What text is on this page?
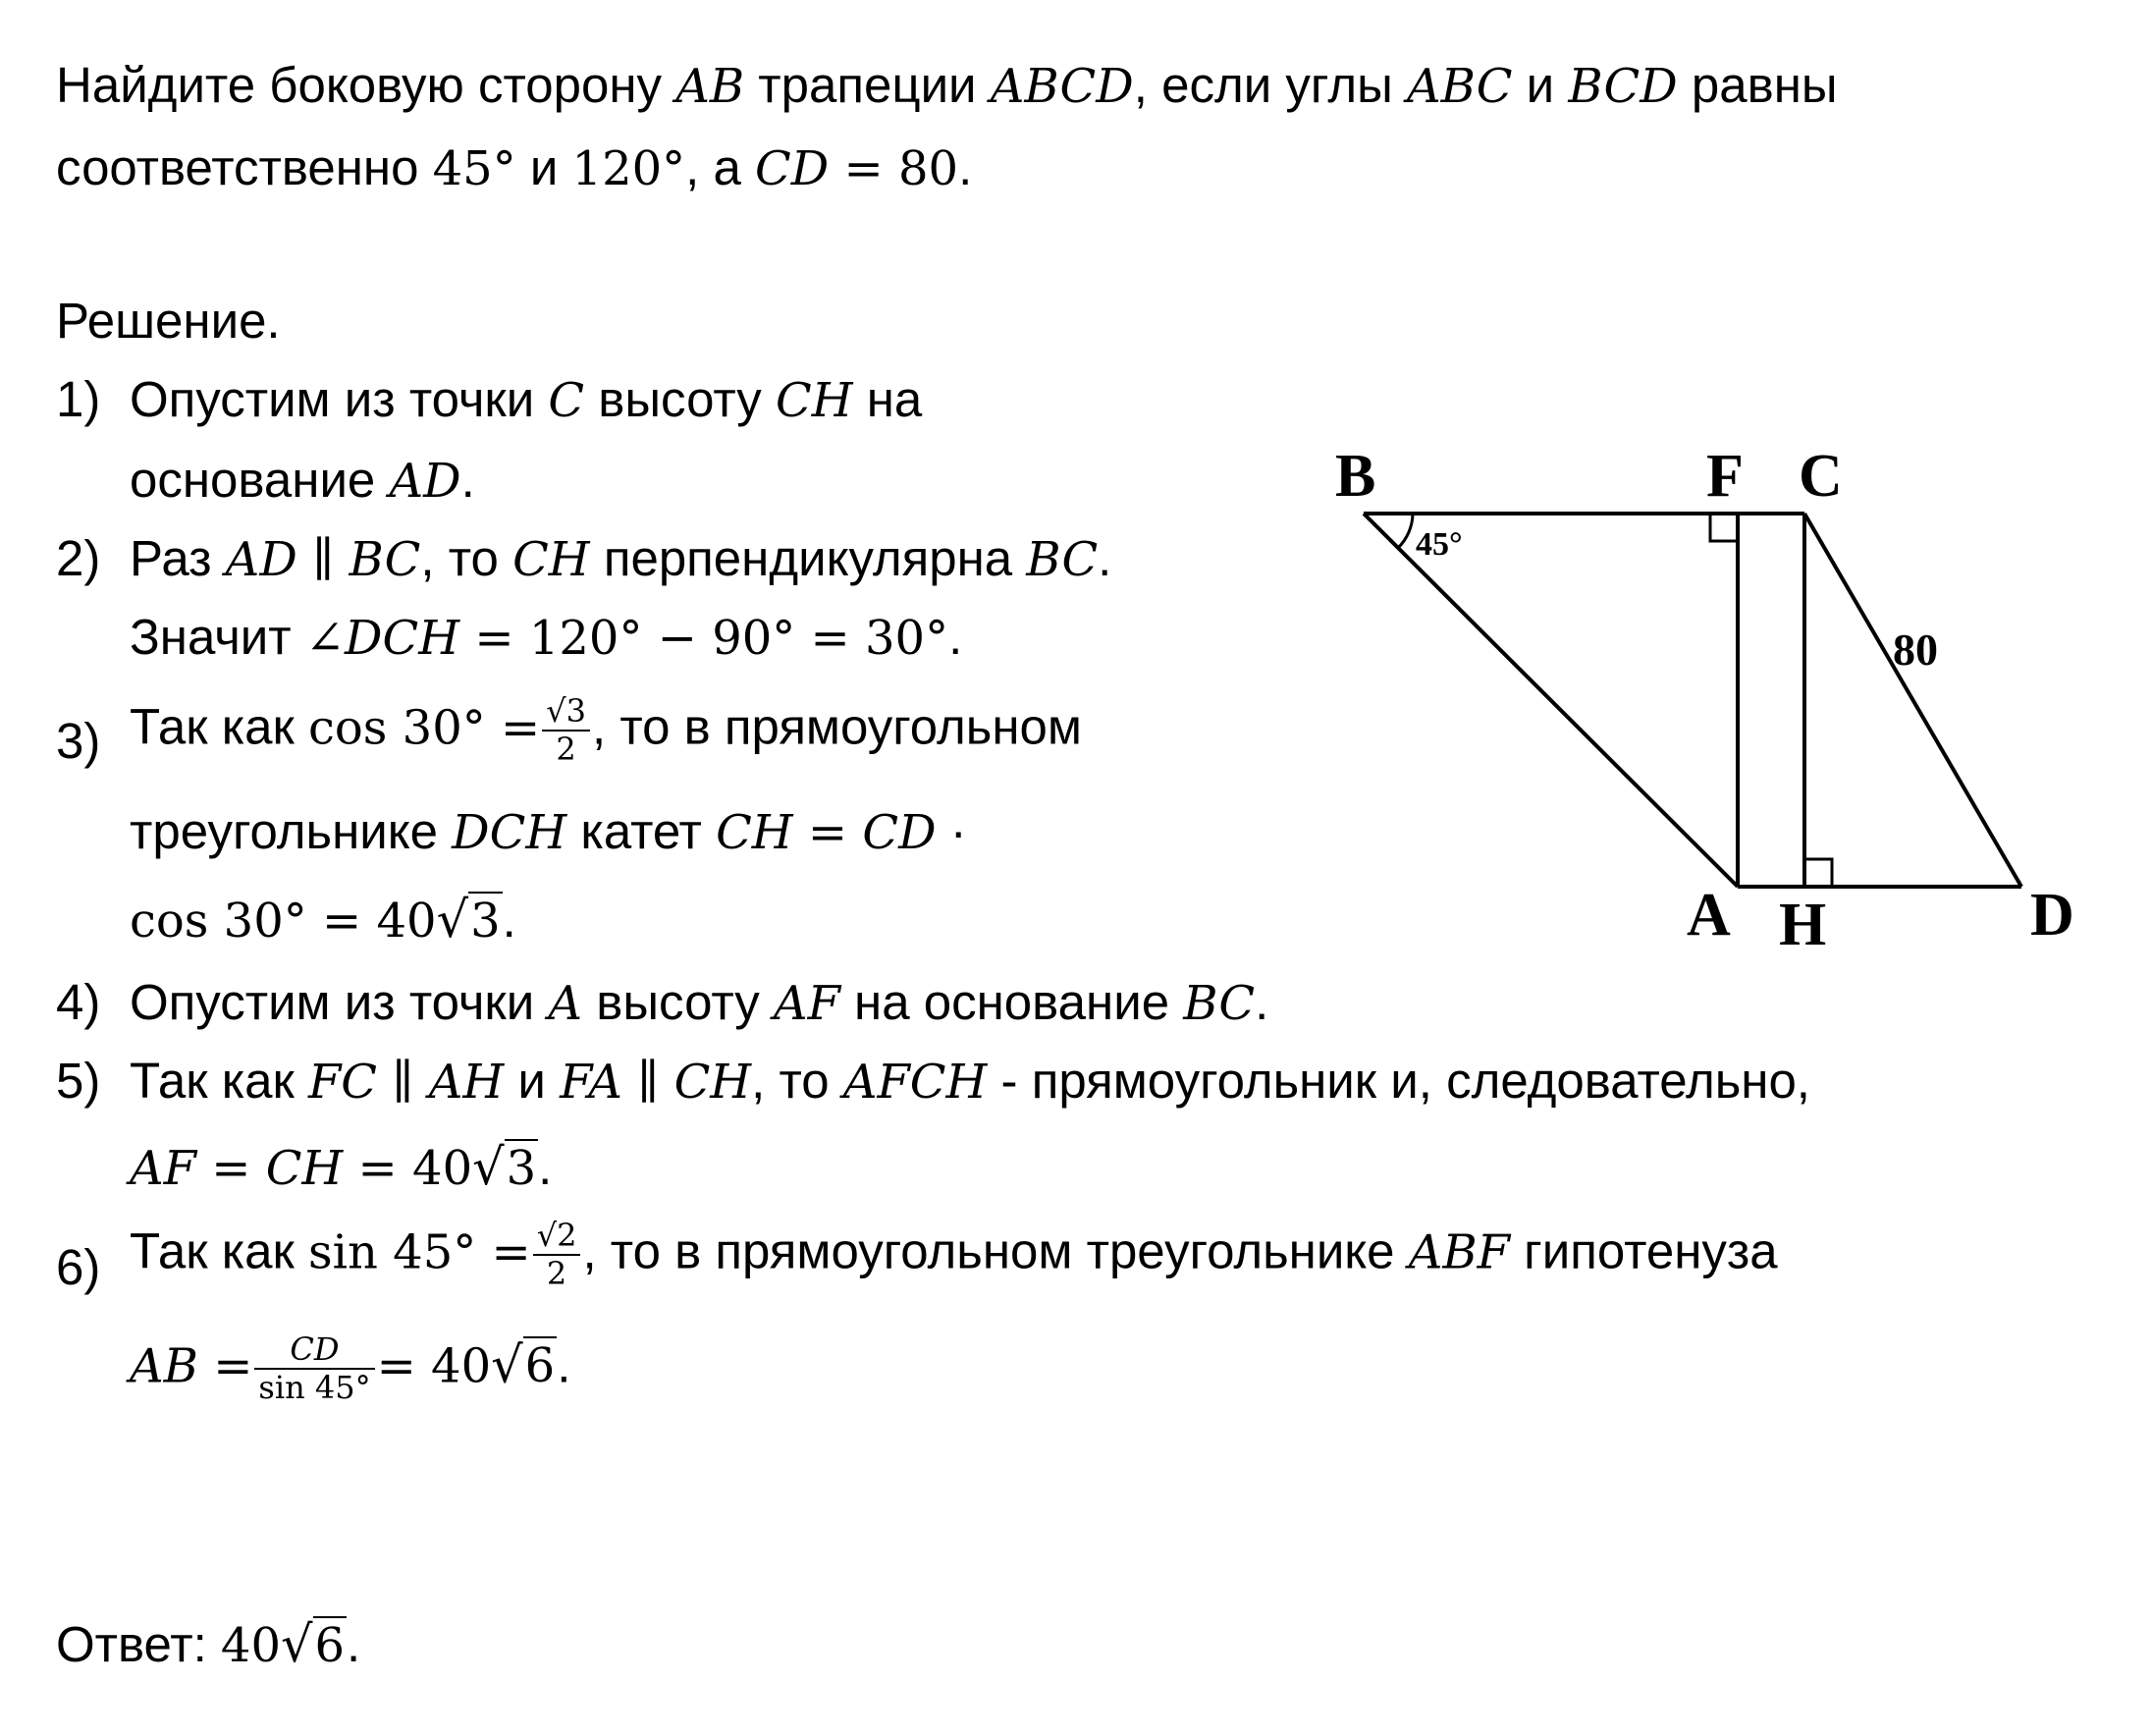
Найдите боковую сторону AB трапеции ABCD, если углы ABC и BCD равны
соответственно 45° и 120°, а CD = 80.
Решение.
1) Опустим из точки C высоту CH на
основание AD.
2) Раз AD ∥ BC, то CH перпендикулярна BC.
Значит ∠DCH = 120° − 90° = 30°.
3) Так как $\cos 30^\circ = \frac{√3}{2}$ , то в прямоугольном
треугольнике DCH катет CH = CD ·
cos 30° = 40√3.
4) Опустим из точки A высоту AF на основание BC.
5) Так как FC ∥ AH и FA ∥ CH, то AFCH - прямоугольник и, следовательно,
AF = CH = 40√3.
6) Так как $\sin 45^\circ = \frac{√2}{2}$ , то в прямоугольном треугольнике ABF гипотенуза
AB = $\frac{CD}{\sin 45^\circ} = 40√6$.
Ответ: 40√6.
B	F C
A H	D
45°
80
